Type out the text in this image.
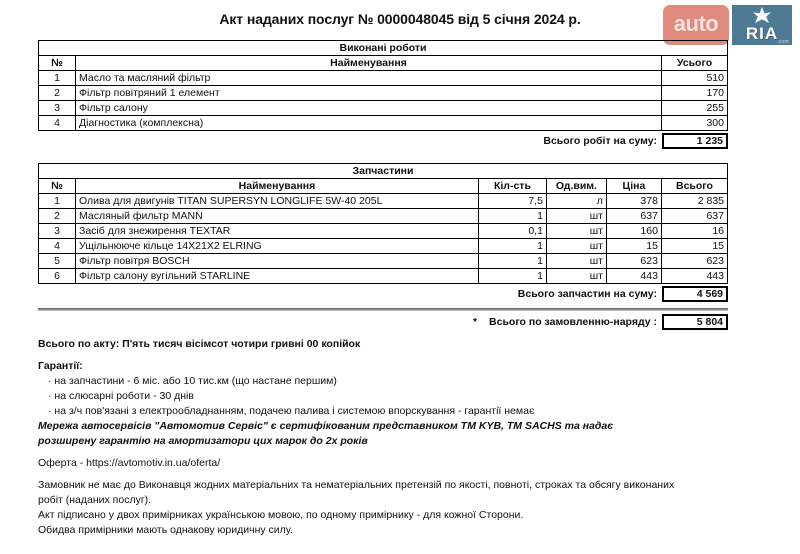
auto RIA
.com
Акт наданих послуг № 0000048045 від 5 січня 2024 р.
Виконані роботи		
№	Найменування	Усього
1	Масло та масляний фільтр	510
2	Фільтр повітряний 1 елемент	170
3	Фільтр салону	255
4	Діагностика (комплексна)	300
Всього робіт на суму:	1 235
Запчастини					
№	Найменування	Кіл-сть	Од.вим.	Ціна	Всього
1	Олива для двигунів TITAN SUPERSYN LONGLIFE 5W-40 205L	7,5	л	378	2 835
2	Масляный фильтр MANN	1	шт	637	637
3	Засіб для знежирення TEXTAR	0,1	шт	160	16
4	Ущільнююче кільце 14X21X2 ELRING	1	шт	15	15
5	Фільтр повітря BOSCH	1	шт	623	623
6	Фільтр салону вугільний STARLINE	1	шт	443	443
Всього запчастин на суму:	4 569
* Всього по замовленню-наряду :	5 804
Всього по акту: П'ять тисяч вісімсот чотири гривні 00 копійок
Гарантії:
· на запчастини - 6 міс. або 10 тис.км (що настане першим)
· на слюсарні роботи - 30 днів
· на з/ч пов'язані з електрообладнанням, подачею палива і системою впорскування - гарантії немає
Мережа автосервісів "Автомотив Сервіс" є сертифікованим представником ТМ KYB, TM SACHS та надає
розширену гарантію на амортизатори цих марок до 2х років
Оферта - https://avtomotiv.in.ua/oferta/
Замовник не має до Виконавця жодних матеріальних та нематеріальних претензій по якості, повноті, строках та обсягу виконаних
робіт (наданих послуг).
Акт підписано у двох примірниках українською мовою, по одному примірнику - для кожної Сторони.
Обидва примірники мають однакову юридичну силу.
